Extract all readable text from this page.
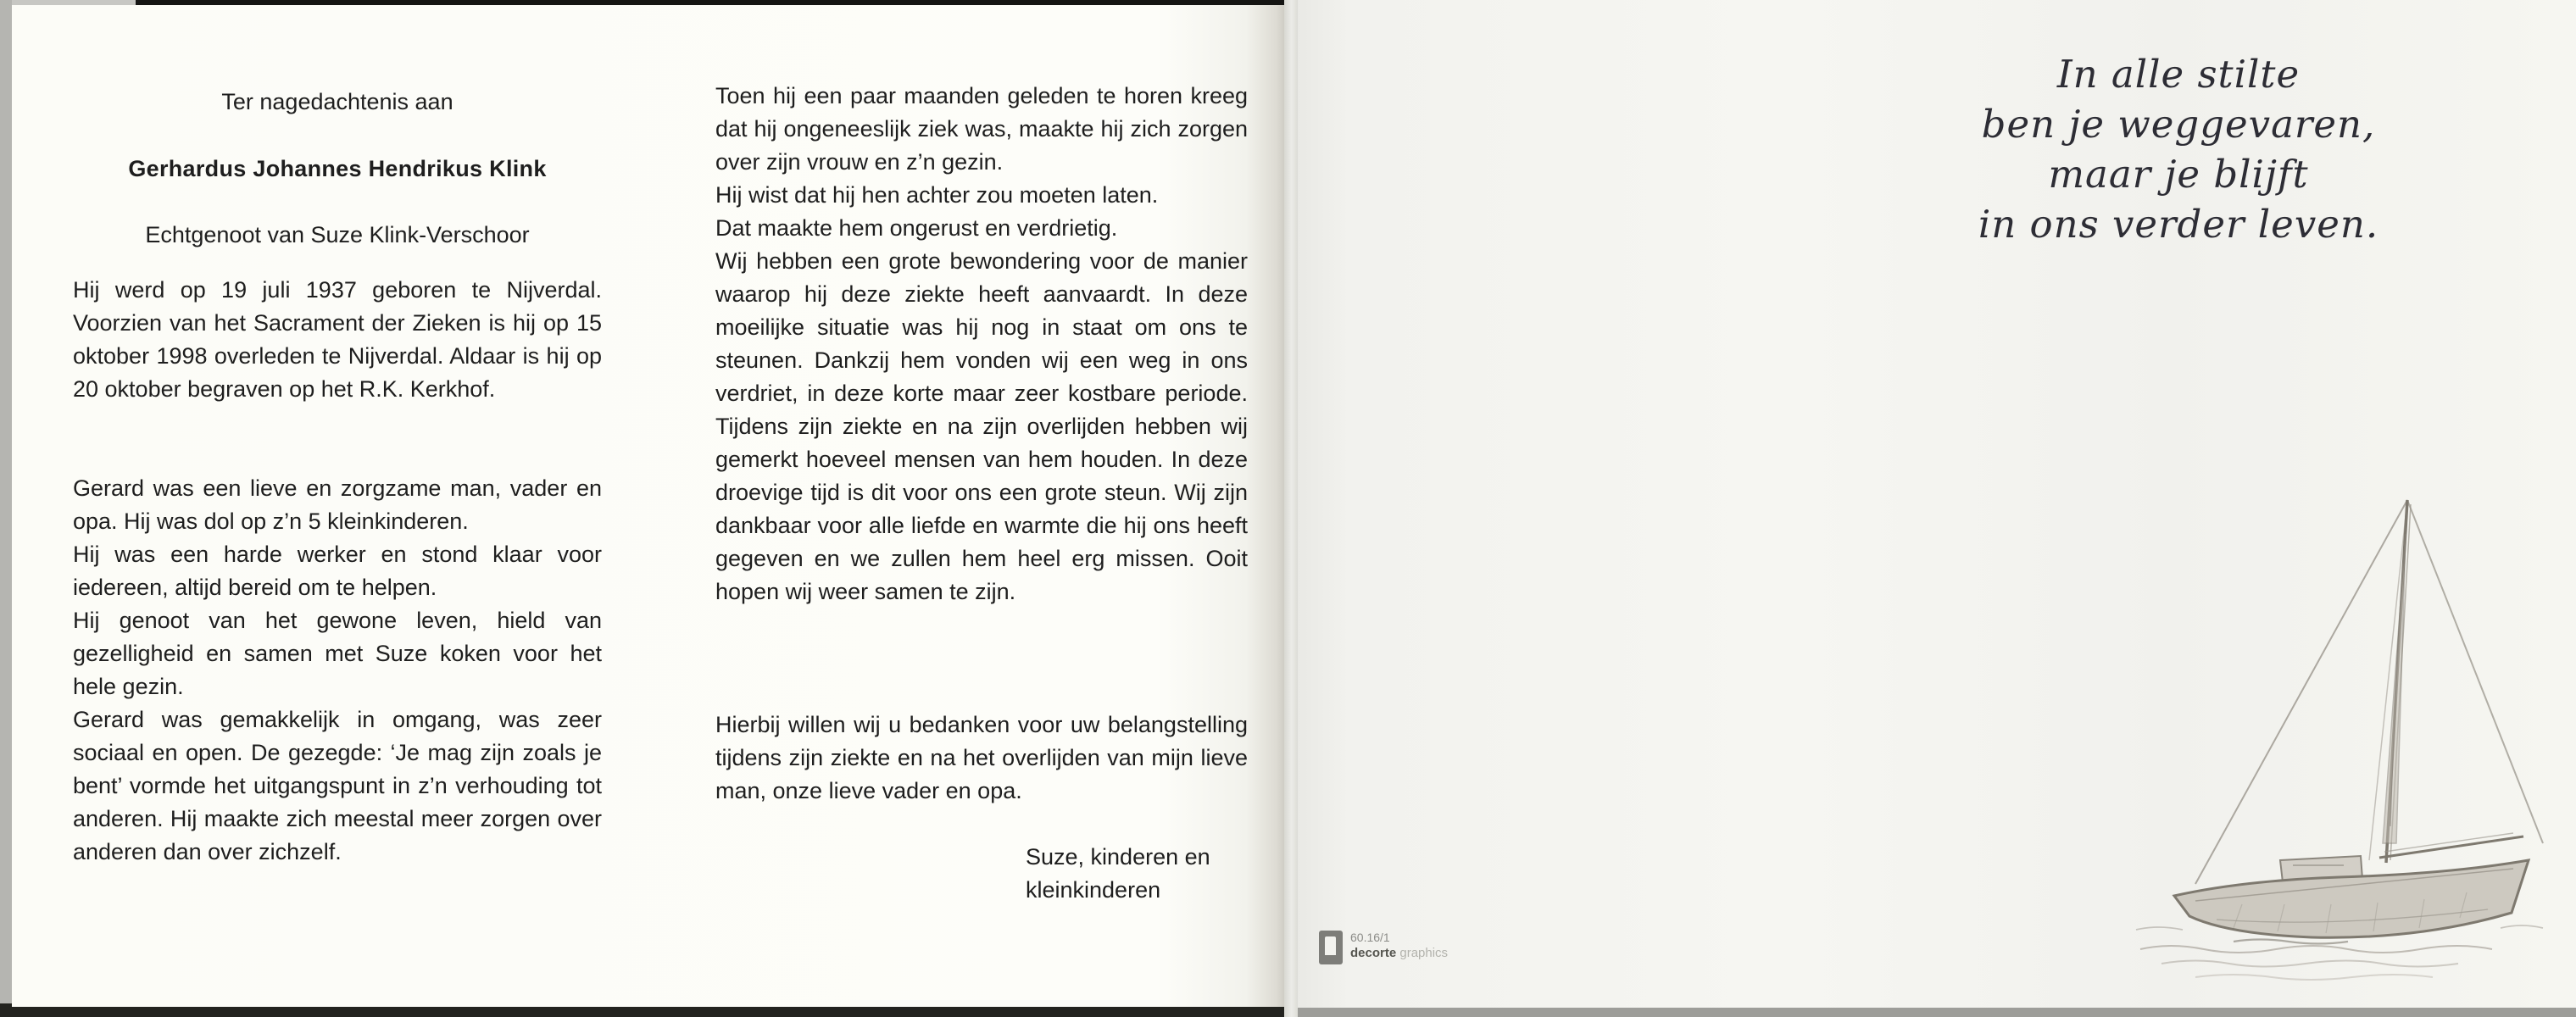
Ter nagedachtenis aan

Gerhardus Johannes Hendrikus Klink

Echtgenoot van Suze Klink-Verschoor

Hij werd op 19 juli 1937 geboren te Nijverdal. Voorzien van het Sacrament der Zieken is hij op 15 oktober 1998 overleden te Nijverdal. Aldaar is hij op 20 oktober begraven op het R.K. Kerkhof.

Gerard was een lieve en zorgzame man, vader en opa. Hij was dol op z’n 5 kleinkinderen.

Hij was een harde werker en stond klaar voor iedereen, altijd bereid om te helpen.

Hij genoot van het gewone leven, hield van gezelligheid en samen met Suze koken voor het hele gezin.

Gerard was gemakkelijk in omgang, was zeer sociaal en open. De gezegde: ‘Je mag zijn zoals je bent’ vormde het uitgangspunt in z’n verhouding tot anderen. Hij maakte zich meestal meer zorgen over anderen dan over zichzelf.

Toen hij een paar maanden geleden te horen kreeg dat hij ongeneeslijk ziek was, maakte hij zich zorgen over zijn vrouw en z’n gezin.

Hij wist dat hij hen achter zou moeten laten.

Dat maakte hem ongerust en verdrietig.

Wij hebben een grote bewondering voor de manier waarop hij deze ziekte heeft aanvaardt. In deze moeilijke situatie was hij nog in staat om ons te steunen. Dankzij hem vonden wij een weg in ons verdriet, in deze korte maar zeer kostbare periode. Tijdens zijn ziekte en na zijn overlijden hebben wij gemerkt hoeveel mensen van hem houden. In deze droevige tijd is dit voor ons een grote steun. Wij zijn dankbaar voor alle liefde en warmte die hij ons heeft gegeven en we zullen hem heel erg missen. Ooit hopen wij weer samen te zijn.

Hierbij willen wij u bedanken voor uw belangstelling tijdens zijn ziekte en na het overlijden van mijn lieve man, onze lieve vader en opa.

Suze, kinderen en

kleinkinderen

In alle stilte

ben je weggevaren,

maar je blijft

in ons verder leven.

60.16/1
decorte graphics
